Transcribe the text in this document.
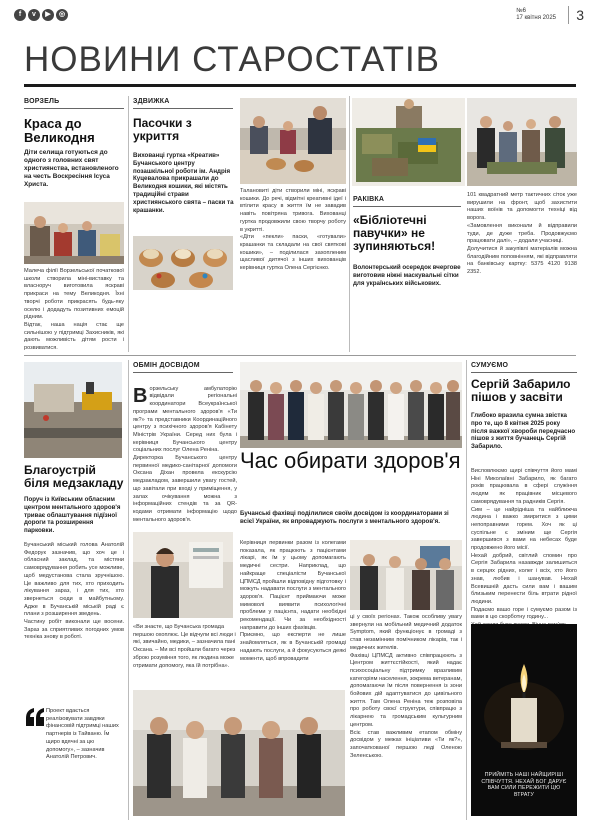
f	v	▶	◎	№6
17 квітня 2025	3
НОВИНИ СТАРОСТАТІВ
ВОРЗЕЛЬ
Краса до Великодня
Діти селища готуються до одного з головних свят християнства, встановленого на честь Воскресіння Ісуса Христа.
Малеча філії Ворзельської початкової школи створила міні-виставку та власноруч виготовила яскраві прикраси на тему Великодня. Їхні творчі роботи прикрасять будь-яку оселю і додадуть позитивних емоцій рідним.
Відтак, наша нація стає ще сильнішою у підтримці Захисників, які дають можливість дітям рости і розвиватися.
ЗДВИЖКА
Пасочки з укриття
Вихованці гуртка «Креатив» Бучанського центру позашкільної роботи ім. Андрія Куцевалова прикрашали до Великодня кошики, які містять традиційні страви християнського свята – паски та крашанки.
Талановиті діти створили міні, яскраві кошики. До речі, відмітні креативні ідеї і втілити красу в життя їм не завадив навіть повітряна тривога. Вихованці гуртка продовжили свою творчу роботу в укритті.
«Діти «пекли» паски, «готували» крашанки та складали на свої святкові кошики», – поділилася захопленим щасливої дитячої з інших вихованців керівниця гуртка Олена Сергієнко.
РАКІВКА
«Бібліотечні павучки» не зупиняються!
Волонтерський осередок вчергове виготовив ніжні маскувальні сітки для українських військових.
101 квадратний метр тактичних сіток уже вирушили на фронт, щоб захистити наших воїнів та допомогти техніці від ворога.
«Замовлення виконали й відправили туди, де дуже треба. Продовжуємо працювати далі», – додали учасниці.
Долучитися й закупівлі матеріалів можна благодійним поповнінням, які відправляти на банківську картку: 5375 4120 9138 2352.
Благоустрій біля медзакладу
Поруч із Київським обласним центром ментального здоров'я триває облаштування підїзної дороги та розширення парковки.
Бучанський міський голова Анатолій Федорук зазначив, що хоч це і обласний заклад, та містяни самоврядування робить усе можливе, щоб медустанова стала зручнішою. Це важливо для тих, хто приходить лікування зараз, і для тих, хто звернеться сюди в майбутньому. Адже в Бучанській міській раді є плани з розширення зведень.
Частину робіт виконали ще восени. Зараз за сприятливих погодних умов техніка знову в роботі.
Проект вдається реалізовувати завдяки фінансовій підтримці наших партнерів із Тайваню. Їм щиро вдячні за цю допомогу», – зазначив Анатолій Петрович.
ОБМІН ДОСВІДОМ

Ворзельську амбулаторію відвідали регіональні координатори Всеукраїнської програми ментального здоров'я «Ти як?» та представники Координаційного центру з психічного здоров'я Кабінету Міністрів України. Серед них була і керівниця Бучанського центру соціальних послуг Олена Реніна.
Директорка Бучанського центру первинної медико-санітарної допомоги Оксана Діхан провела екскурсію медзакладом, завершили увагу гостей, що завітали при вході у приміщення, у залах очікування можна з інформаційних стендів та за QR-кодами отримати інформацію щодо ментального здоров'я.

«Ви знаєте, що Бучанська громада першою охоплює. Це відчули всі люди і які, звичайно, медики, – зазначила пані Оксана. – Ми всі пройшли багато через зброю розуміння того, як людина може отримати допомогу, яка їй потрібна».
Час обирати здоров'я
Бучанські фахівці поділилися своїм досвідом із координаторами зі всієї України, як впроваджують послуги з ментального здоров'я.
Керівниця первинки разом із колегами показала, як працюють з пацієнтами лікарі, як їм у цьому допомагають медичні сестри. Наприклад, що найкраще спеціалісти Бучанської ЦПМСД пройшли відповідну підготовку і можуть надавати послуги з ментального здоров'я. Пацієнт приймаючи може мимоволі виявити психологічні проблеми у пацієнта, надати необхідні рекомендації. Чи за необхідності направити до інших фахівців.
Приємно, що експерти не лише знайомляться, як в Бучанській громаді надають послуги, а й фокусуються деякі моменти, щоб впровадити
ці у своїх регіонах. Також особливу увагу звернули на мобільний медичний додаток Symptom, який функціонує в громаді з став незамінним помічником лікарів, так і медичних жителів.
Фахівці ЦПМСД активно співпрацюють з Центром життєстійкості, який надає психосоціальну підтримку вразливим категоріям населення, зокрема ветеранам, допомагаючи їм після повернення із зони бойових дій адаптуватися до цивільного життя. Там Олена Реніна теж розповіла про роботу своєї структури, співпрацю з лікарнею та громадським культурним центром.
Всіє став важливим етапом обміну досвідом у межах ініціативи «Ти як?», започаткованої першою леді Оленою Зеленською.
СУМУЄМО
Сергій Забарило пішов у засвіти
Глибоко вразила сумна звістка про те, що 8 квітня 2025 року після важкої хвороби передчасно пішов з життя бучанець Сергій Забарило.
Висловлюємо щирі співчуття його мамі Ніні Миколаївні Забарило, як багато років працювала в сфері служіння людям як працівник місцевого самоврядування та радників Сергія.
Сим – це найрідніша та найближча людина і важко змиритися з цими непоправними горем. Хоч як ці суспільне є зміним ще Сергія завершився з вами на небесах буде продовжено його місії.
Нехай добрий, світлий спомин про Сергія Забарила назавжди залишиться в серцях рідних, колег і всіх, хто його знав, любив і шанував. Нехай Всевишній дасть сили вам і вашим близьким перенести біль втрати рідної людини.
Подаємо вашо горе і сумуємо разом із вами в цю скорботну годину...

ПРИЙМІТЬ НАШІ НАЙЩИРІШІ СПІВЧУТТЯ. НЕХАЙ БОГ ДАРУЄ ВАМ СИЛИ ПЕРЕЖИТИ ЦЮ ВТРАТУ
